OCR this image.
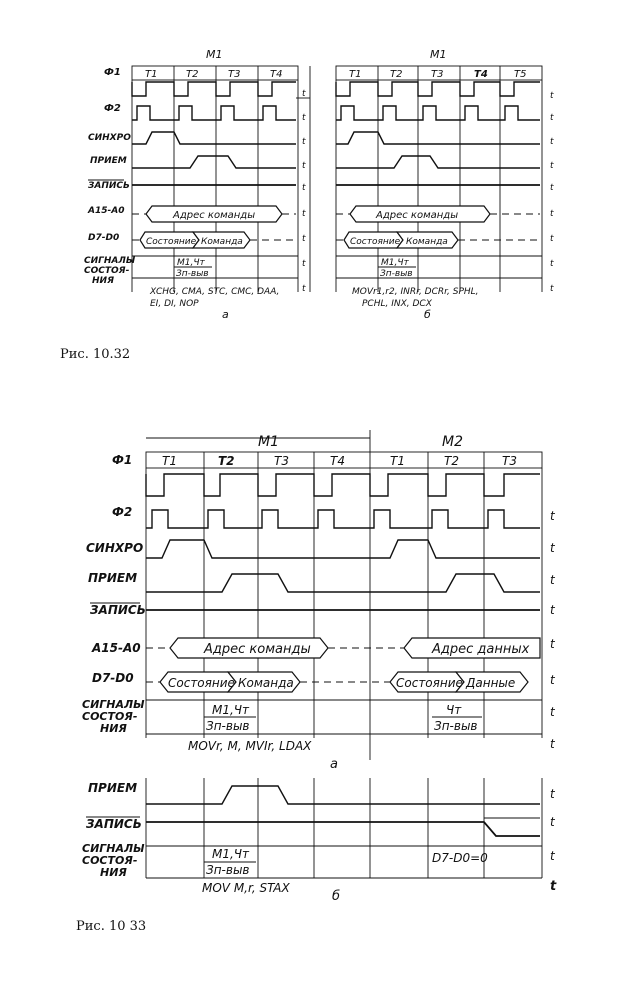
M1
T1	T2	T3	T4
Ф1
Ф2
СИНХРО
ПРИЕМ
ЗАПИСЬ
A15-A0
D7-D0
СИГНАЛЫ
СОСТОЯ-
НИЯ
t
t
t
t
t
Адрес команды	t
Состояние Команда	t
M1,Чт
Зп-выв
t
t
XCHG, CMA, STC, CMC, DAA,
EI, DI, NOP
а
M1
T1	T2	T3	T4	T5
t
t
t
t
t
Адрес команды	t
Состояние Команда	t
M1,Чт
Зп-выв
t
t
MOVr1,r2, INRr, DCRr, SPHL,
PCHL, INX, DCX
б
Рис. 10.32
M1	M2
T1	T2	T3	T4	T1	T2	T3
Ф1
Ф2
СИНХРО
ПРИЕМ
ЗАПИСЬ
A15-A0
D7-D0
СИГНАЛЫ
СОСТОЯ-
НИЯ
t
t
t
t
Адрес команды	Адрес данных t
Состояние Команда	Состояние Данные	t
M1,Чт
Зп-выв
Чт
Зп-выв
t
t
MOVr, M, MVIr, LDAX
а
ПРИЕМ
ЗАПИСЬ
СИГНАЛЫ
СОСТОЯ-
НИЯ
t
t
M1,Чт
Зп-выв
D7-D0=0	t
t
MOV M,r, STAX
б
Рис. 10 33
